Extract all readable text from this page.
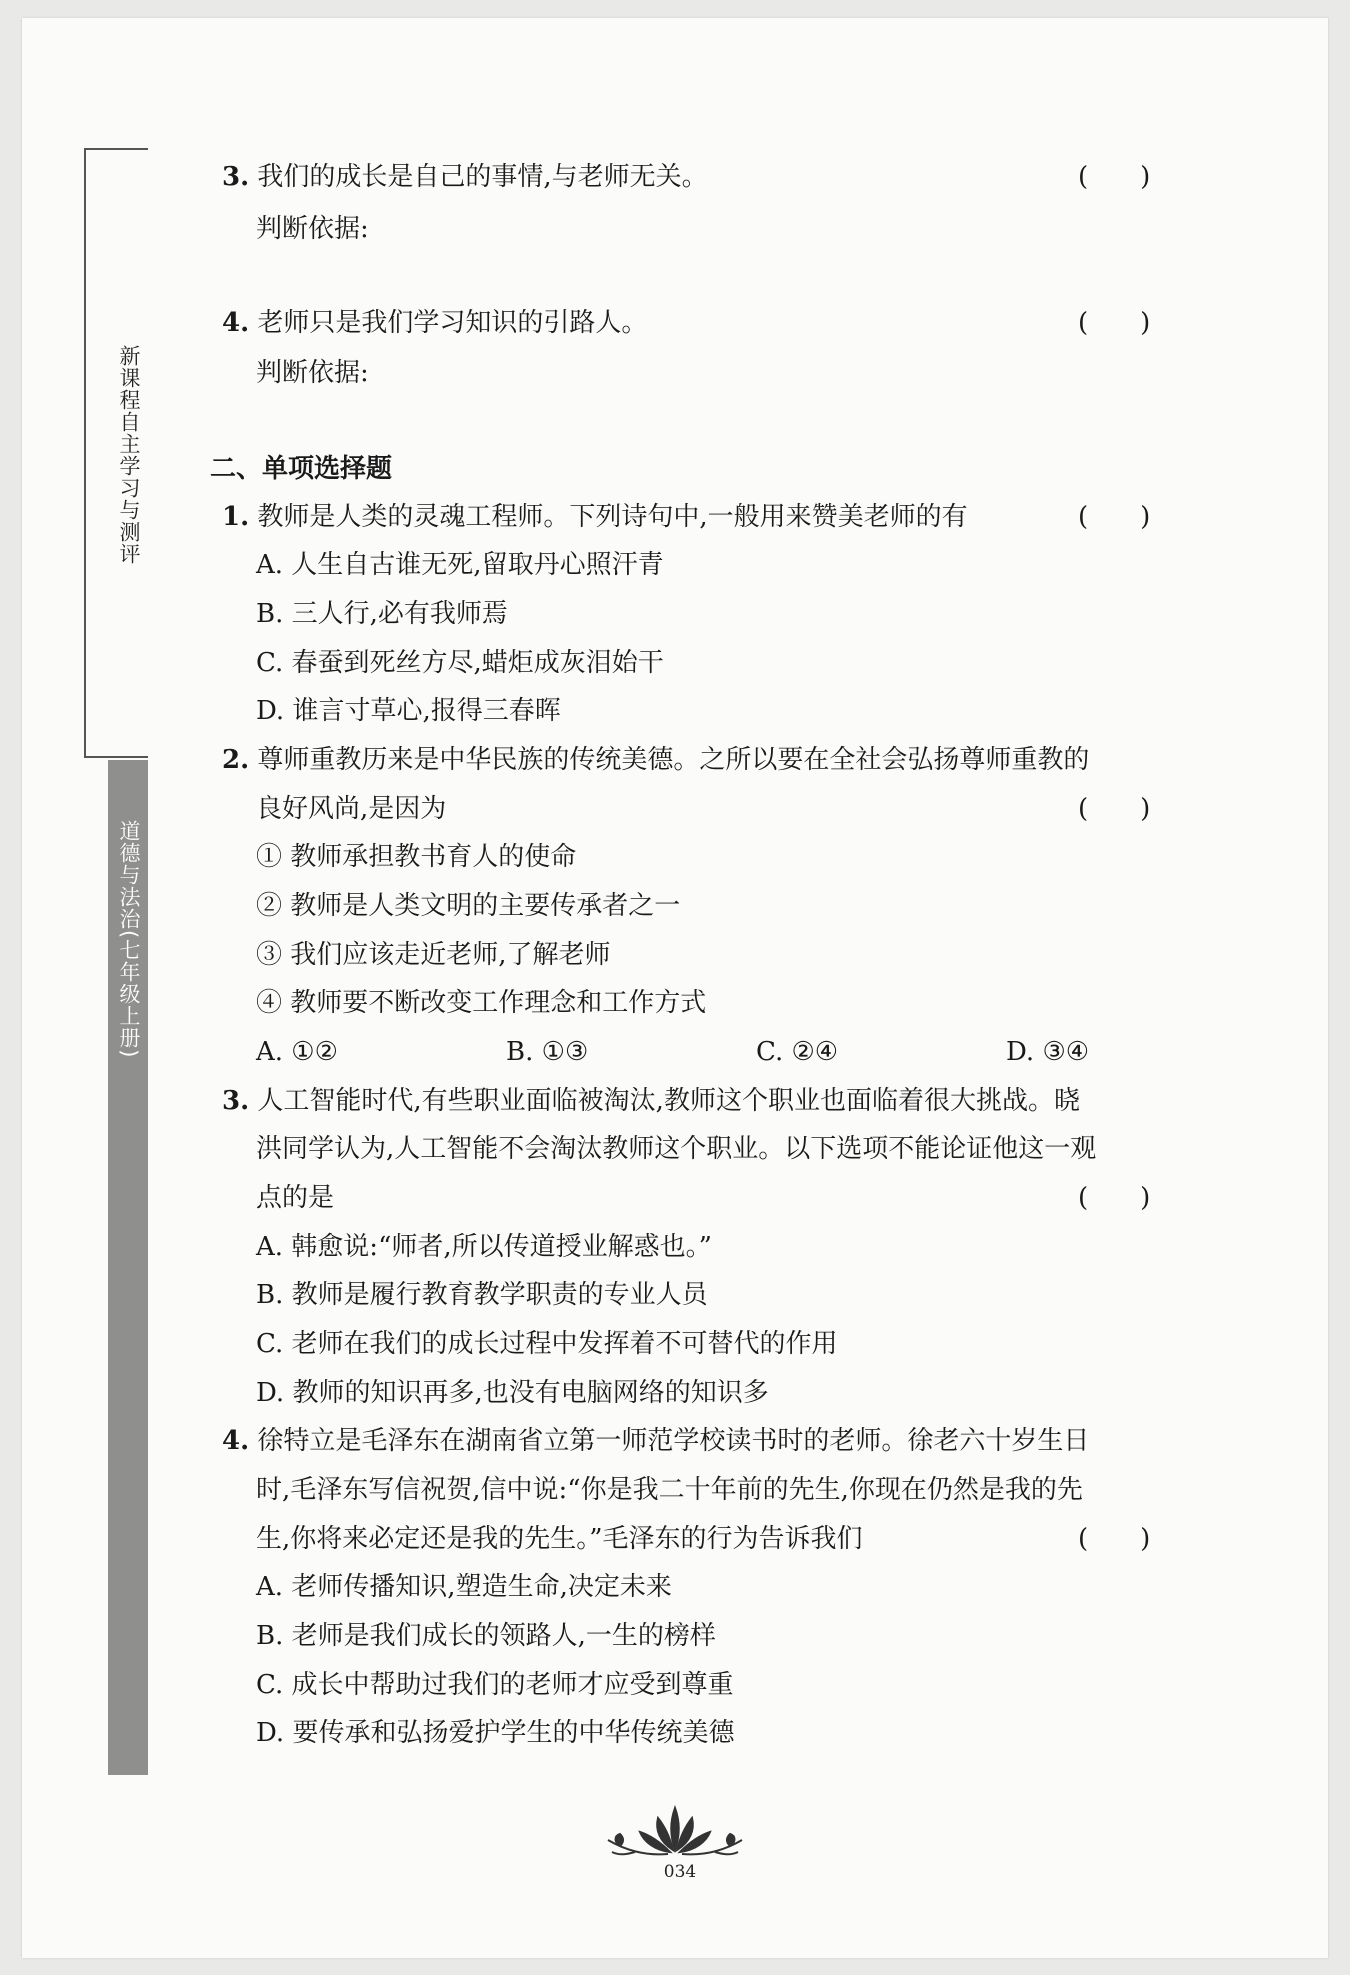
新课程自主学习与测评
道德与法治(七年级上册)
3. 我们的成长是自己的事情,与老师无关。	(　　)
判断依据:
4. 老师只是我们学习知识的引路人。	(　　)
判断依据:
二、单项选择题
1. 教师是人类的灵魂工程师。下列诗句中,一般用来赞美老师的有	(　　)
A. 人生自古谁无死,留取丹心照汗青
B. 三人行,必有我师焉
C. 春蚕到死丝方尽,蜡炬成灰泪始干
D. 谁言寸草心,报得三春晖
2. 尊师重教历来是中华民族的传统美德。之所以要在全社会弘扬尊师重教的
良好风尚,是因为	(　　)
① 教师承担教书育人的使命
② 教师是人类文明的主要传承者之一
③ 我们应该走近老师,了解老师
④ 教师要不断改变工作理念和工作方式
A. ①②	B. ①③	C. ②④	D. ③④
3. 人工智能时代,有些职业面临被淘汰,教师这个职业也面临着很大挑战。晓
洪同学认为,人工智能不会淘汰教师这个职业。以下选项不能论证他这一观
点的是	(　　)
A. 韩愈说:“师者,所以传道授业解惑也。”
B. 教师是履行教育教学职责的专业人员
C. 老师在我们的成长过程中发挥着不可替代的作用
D. 教师的知识再多,也没有电脑网络的知识多
4. 徐特立是毛泽东在湖南省立第一师范学校读书时的老师。徐老六十岁生日
时,毛泽东写信祝贺,信中说:“你是我二十年前的先生,你现在仍然是我的先
生,你将来必定还是我的先生。”毛泽东的行为告诉我们	(　　)
A. 老师传播知识,塑造生命,决定未来
B. 老师是我们成长的领路人,一生的榜样
C. 成长中帮助过我们的老师才应受到尊重
D. 要传承和弘扬爱护学生的中华传统美德
034
